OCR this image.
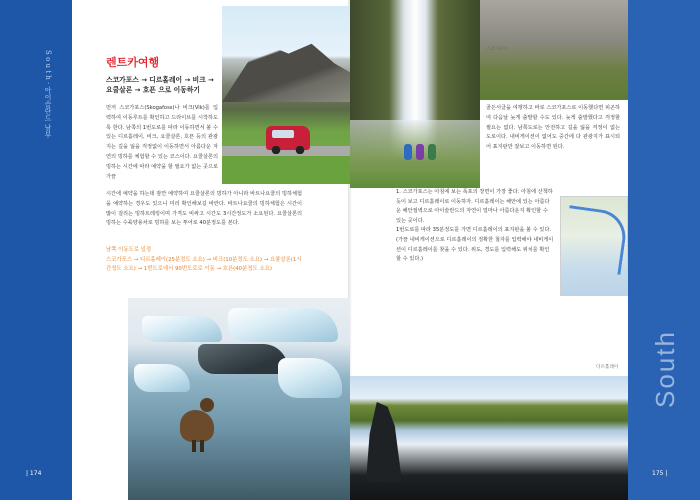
S o u t h · 아이슬란드 남부	렌트카여행
스코가포스 → 디르홀레이 → 비크 → 요쿨살론 → 호픈 으로 이동하기
먼저 스코가포스(Skogafoss)나 비크(Vik)를 입력하여 이동루트를 확인하고 드라이브를 시작하도록 한다. 남쪽의 1번도로를 따라 이동하면서 볼 수 있는 디르홀레이, 비크, 요쿨살론, 호픈 등의 관광지는 길을 잃을 걱정없이 이동하면서 아름다운 자연의 빙하를 체험할 수 있는 코스이다. 요쿨살론의 빙하는 시간에 따라 예약을 할 필요가 없는 곳으로 가끔
시간에 예약을 하는데 잠깐 예약하여 요쿨살론의 빙하가 아니라 바트나요쿨의 빙하체험을 예약하는 경우도 있으니 미리 확인해보길 바란다. 바트나요쿨의 빙하체험은 시간이 많이 걸리는 빙하트레킹이며 가격도 비싸고 시간도 3시간정도가 소요된다. 요쿨살론의 빙하는 수륙양용차로 빙하를 보는 투어로 40분정도를 본다.
남쪽 이동도로 일정
스코가포스 → 디르홀레이(25분정도 소요) → 비크(10분정도 소요) → 요쿨살론(1시간정도 소요) → 1번도로에서 90번도로로 이동 → 호픈(40분정도 소요)
스코가포스
디르홀레이
골든서클을 여행하고 바로 스코가포스로 이동했다면 피곤하여 다음날 늦게 출발할 수도 있다. 늦게 출발했다고 걱정할 필요는 없다. 남쪽도로는 안전하고 길을 잃을 걱정이 없는 도로이다. 내비게이션이 없어도 중간에 다 관광지가 표시되어 표지판만 잘보고 이동하면 된다.
1. 스코가포스는 아침에 보는 폭포의 장면이 가장 좋다. 아침에 산책하듯이 보고 디르홀레이로 이동하자. 디르홀레이는 해안에 있는 아름다운 해안절벽으로 아이슬란드의 자연이 얼마나 아름다운지 확인할 수 있는 곳이다.
1번도로를 따라 35분정도를 가면 디르홀레이의 표지판을 볼 수 있다. (가끔 내비게이션으로 디르홀레이의 정확한 철자를 입력해야 내비게이션이 디르홀레이를 찾을 수 있다. 위도, 경도를 입력해도 위치를 확인할 수 있다.)
South
| 174	175 |
